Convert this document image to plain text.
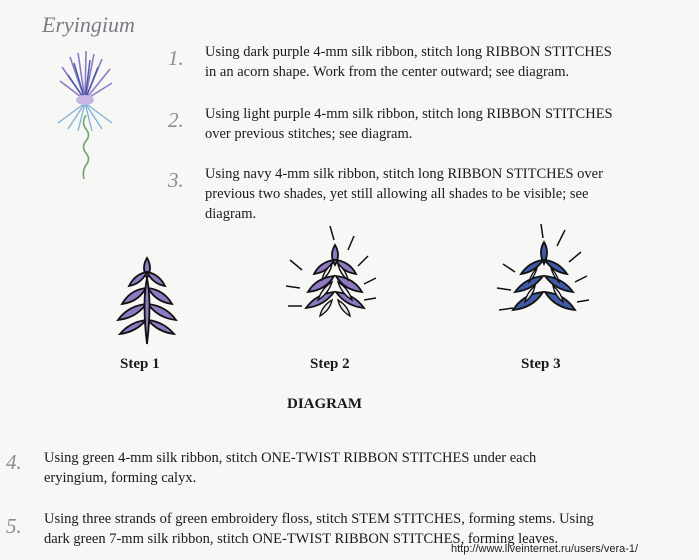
Eryingium
1. Using dark purple 4-mm silk ribbon, stitch long RIBBON STITCHES
in an acorn shape. Work from the center outward; see diagram.
2. Using light purple 4-mm silk ribbon, stitch long RIBBON STITCHES
over previous stitches; see diagram.
3. Using navy 4-mm silk ribbon, stitch long RIBBON STITCHES over
previous two shades, yet still allowing all shades to be visible; see
diagram.
Step 1	Step 2	Step 3
DIAGRAM
4. Using green 4-mm silk ribbon, stitch ONE-TWIST RIBBON STITCHES under each
eryingium, forming calyx.
5. Using three strands of green embroidery floss, stitch STEM STITCHES, forming stems. Using
dark green 7-mm silk ribbon, stitch ONE-TWIST RIBBON STITCHES, forming leaves.
http://www.liveinternet.ru/users/vera-1/
